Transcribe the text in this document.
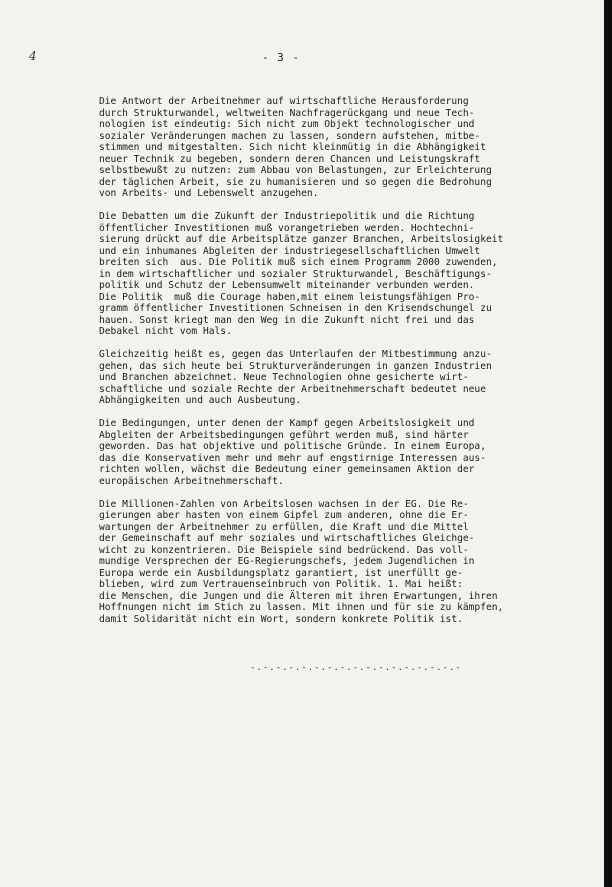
4	- 3 -
Die Antwort der Arbeitnehmer auf wirtschaftliche Herausforderung
durch Strukturwandel, weltweiten Nachfragerückgang und neue Tech-
nologien ist eindeutig: Sich nicht zum Objekt technologischer und
sozialer Veränderungen machen zu lassen, sondern aufstehen, mitbe-
stimmen und mitgestalten. Sich nicht kleinmütig in die Abhängigkeit
neuer Technik zu begeben, sondern deren Chancen und Leistungskraft
selbstbewußt zu nutzen: zum Abbau von Belastungen, zur Erleichterung
der täglichen Arbeit, sie zu humanisieren und so gegen die Bedrohung
von Arbeits- und Lebenswelt anzugehen.
Die Debatten um die Zukunft der Industriepolitik und die Richtung
öffentlicher Investitionen muß vorangetrieben werden. Hochtechni-
sierung drückt auf die Arbeitsplätze ganzer Branchen, Arbeitslosigkeit
und ein inhumanes Abgleiten der industriegesellschaftlichen Umwelt
breiten sich  aus. Die Politik muß sich einem Programm 2000 zuwenden,
in dem wirtschaftlicher und sozialer Strukturwandel, Beschäftigungs-
politik und Schutz der Lebensumwelt miteinander verbunden werden.
Die Politik  muß die Courage haben,mit einem leistungsfähigen Pro-
gramm öffentlicher Investitionen Schneisen in den Krisendschungel zu
hauen. Sonst kriegt man den Weg in die Zukunft nicht frei und das
Debakel nicht vom Hals.
Gleichzeitig heißt es, gegen das Unterlaufen der Mitbestimmung anzu-
gehen, das sich heute bei Strukturveränderungen in ganzen Industrien
und Branchen abzeichnet. Neue Technologien ohne gesicherte wirt-
schaftliche und soziale Rechte der Arbeitnehmerschaft bedeutet neue
Abhängigkeiten und auch Ausbeutung.
Die Bedingungen, unter denen der Kampf gegen Arbeitslosigkeit und
Abgleiten der Arbeitsbedingungen geführt werden muß, sind härter
geworden. Das hat objektive und politische Gründe. In einem Europa,
das die Konservativen mehr und mehr auf engstirnige Interessen aus-
richten wollen, wächst die Bedeutung einer gemeinsamen Aktion der
europäischen Arbeitnehmerschaft.
Die Millionen-Zahlen von Arbeitslosen wachsen in der EG. Die Re-
gierungen aber hasten von einem Gipfel zum anderen, ohne die Er-
wartungen der Arbeitnehmer zu erfüllen, die Kraft und die Mittel
der Gemeinschaft auf mehr soziales und wirtschaftliches Gleichge-
wicht zu konzentrieren. Die Beispiele sind bedrückend. Das voll-
mundige Versprechen der EG-Regierungschefs, jedem Jugendlichen in
Europa werde ein Ausbildungsplatz garantiert, ist unerfüllt ge-
blieben, wird zum Vertrauenseinbruch von Politik. 1. Mai heißt:
die Menschen, die Jungen und die Älteren mit ihren Erwartungen, ihren
Hoffnungen nicht im Stich zu lassen. Mit ihnen und für sie zu kämpfen,
damit Solidarität nicht ein Wort, sondern konkrete Politik ist.
-.-.-.-.-.-.-.-.-.-.-.-.-.-.-.-.-
